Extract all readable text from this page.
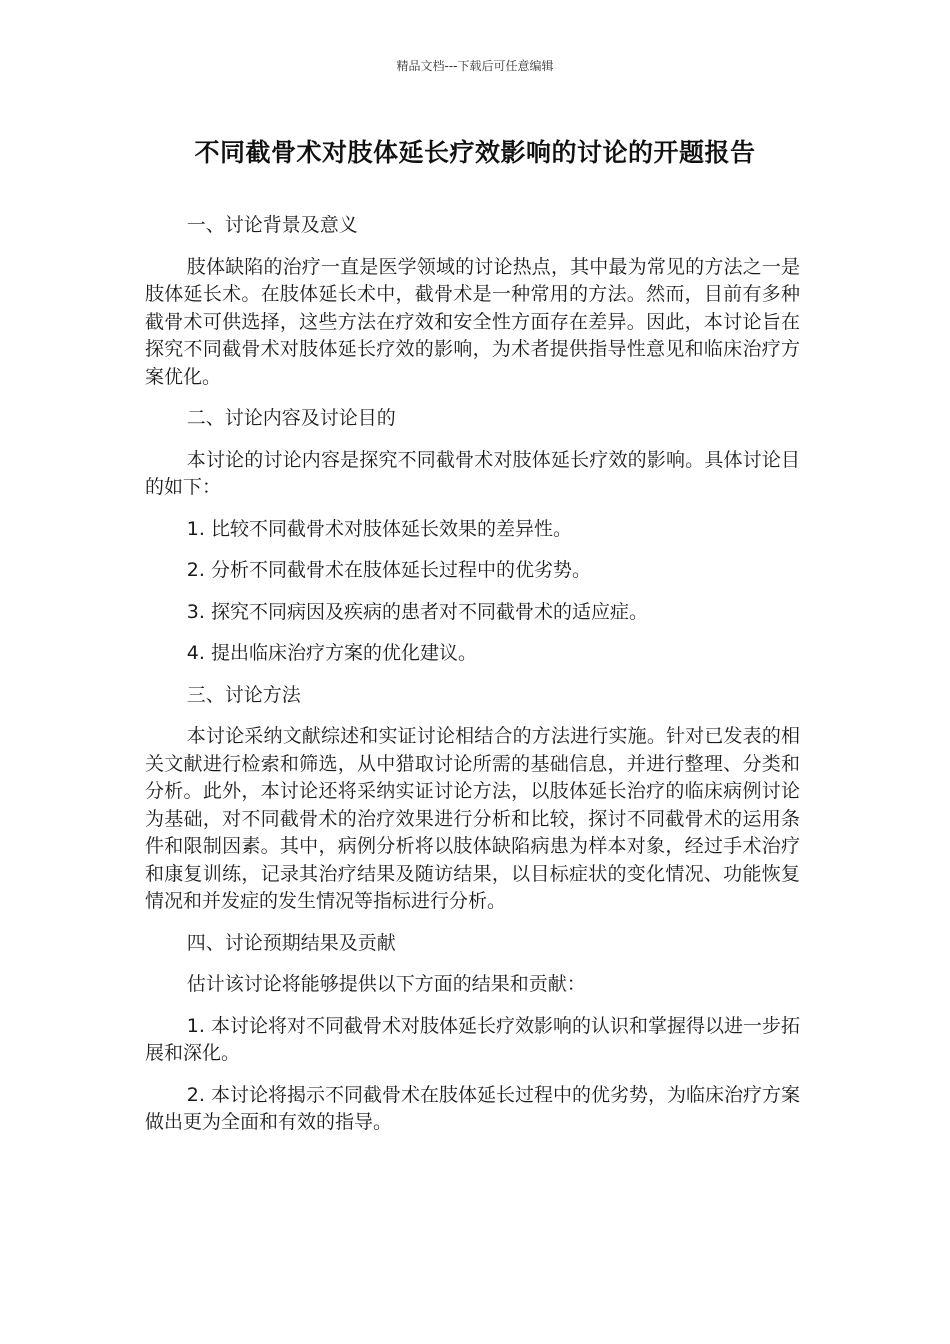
精品文档---下载后可任意编辑
不同截骨术对肢体延长疗效影响的讨论的开题报告

一、讨论背景及意义

肢体缺陷的治疗一直是医学领域的讨论热点，其中最为常见的方法之一是肢体延长术。在肢体延长术中，截骨术是一种常用的方法。然而，目前有多种截骨术可供选择，这些方法在疗效和安全性方面存在差异。因此，本讨论旨在探究不同截骨术对肢体延长疗效的影响，为术者提供指导性意见和临床治疗方案优化。

二、讨论内容及讨论目的

本讨论的讨论内容是探究不同截骨术对肢体延长疗效的影响。具体讨论目的如下：

1. 比较不同截骨术对肢体延长效果的差异性。

2. 分析不同截骨术在肢体延长过程中的优劣势。

3. 探究不同病因及疾病的患者对不同截骨术的适应症。

4. 提出临床治疗方案的优化建议。

三、讨论方法

本讨论采纳文献综述和实证讨论相结合的方法进行实施。针对已发表的相关文献进行检索和筛选，从中猎取讨论所需的基础信息，并进行整理、分类和分析。此外，本讨论还将采纳实证讨论方法，以肢体延长治疗的临床病例讨论为基础，对不同截骨术的治疗效果进行分析和比较，探讨不同截骨术的运用条件和限制因素。其中，病例分析将以肢体缺陷病患为样本对象，经过手术治疗和康复训练，记录其治疗结果及随访结果，以目标症状的变化情况、功能恢复情况和并发症的发生情况等指标进行分析。

四、讨论预期结果及贡献

估计该讨论将能够提供以下方面的结果和贡献：

1. 本讨论将对不同截骨术对肢体延长疗效影响的认识和掌握得以进一步拓展和深化。

2. 本讨论将揭示不同截骨术在肢体延长过程中的优劣势，为临床治疗方案做出更为全面和有效的指导。
